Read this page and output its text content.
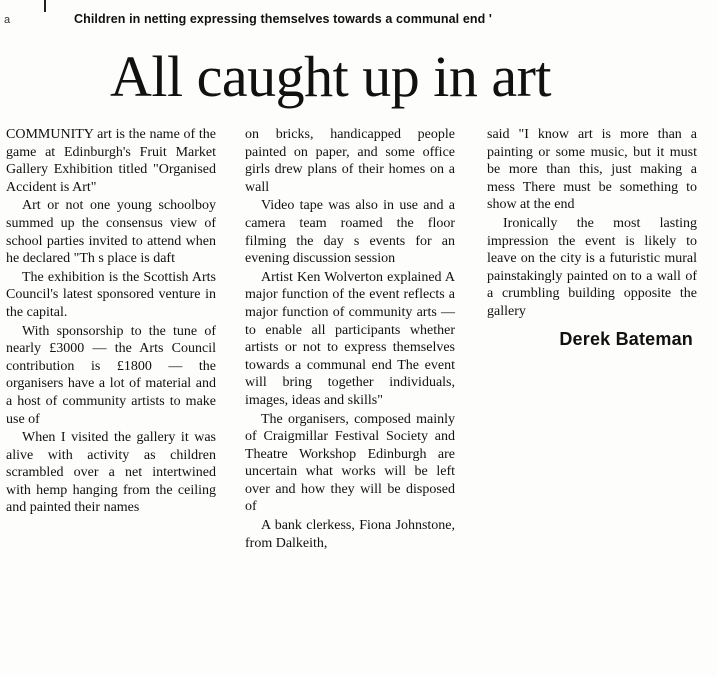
a	Children in netting expressing themselves towards a communal end '
All caught up in art

COMMUNITY art is the name of the game at Edinburgh's Fruit Market Gallery Exhibition titled "Organised Accident is Art"

Art or not one young schoolboy summed up the consensus view of school parties invited to attend when he declared "Th s place is daft

The exhibition is the Scottish Arts Council's latest sponsored venture in the capital.

With sponsorship to the tune of nearly £3000 — the Arts Council contribution is £1800 — the organisers have a lot of material and a host of community artists to make use of

When I visited the gallery it was alive with activity as children scrambled over a net intertwined with hemp hanging from the ceiling and painted their names

on bricks, handicapped people painted on paper, and some office girls drew plans of their homes on a wall

Video tape was also in use and a camera team roamed the floor filming the day s events for an evening discussion session

Artist Ken Wolverton explained A major function of the event reflects a major function of community arts — to enable all participants whether artists or not to express themselves towards a communal end The event will bring together individuals, images, ideas and skills"

The organisers, composed mainly of Craigmillar Festival Society and Theatre Workshop Edinburgh are uncertain what works will be left over and how they will be disposed of

A bank clerkess, Fiona Johnstone, from Dalkeith,

said "I know art is more than a painting or some music, but it must be more than this, just making a mess There must be something to show at the end

Ironically the most lasting impression the event is likely to leave on the city is a futuristic mural painstakingly painted on to a wall of a crumbling building opposite the gallery

Derek Bateman
